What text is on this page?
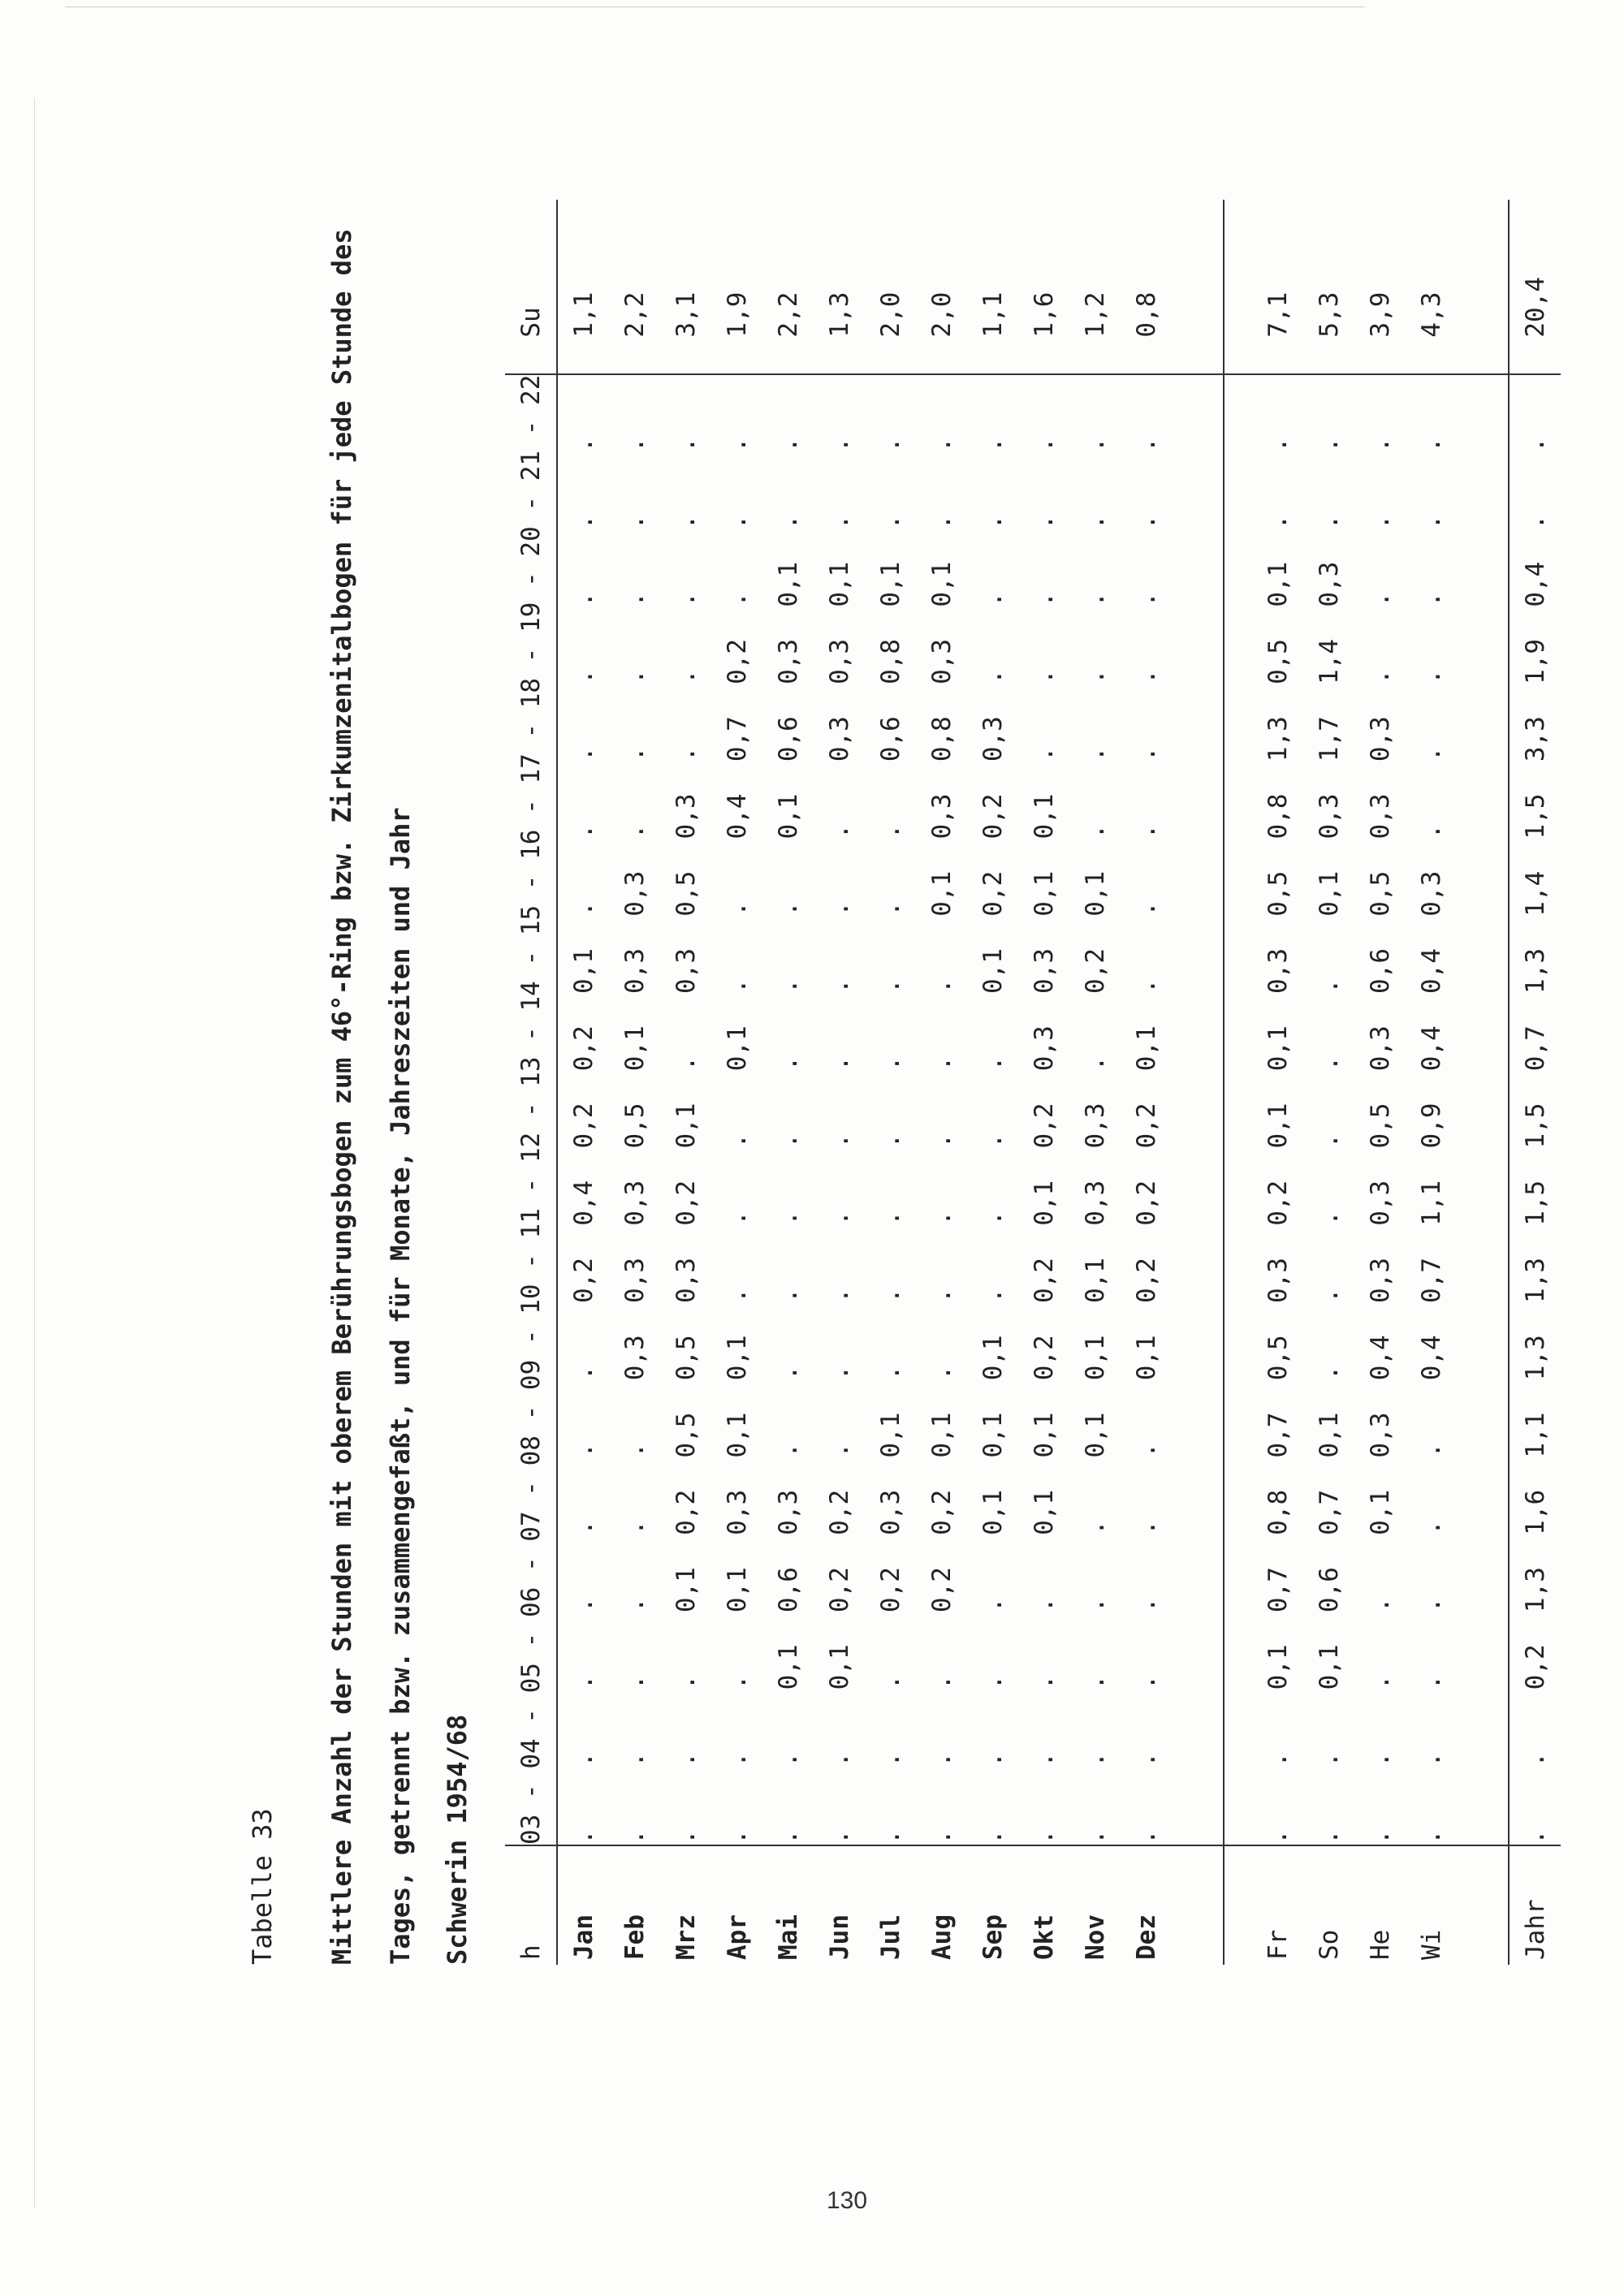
Tabelle 33 Mittlere Anzahl der Stunden mit oberem Berührungsbogen zum 46°-Ring bzw. Zirkumzenitalbogen für jede Stunde des Tages, getrennt bzw. zusammengefaßt, und für Monate, Jahreszeiten und Jahr Schwerin 1954/68 h	03 - 04 - 05 - 06 - 07 - 08 - 09 - 10 - 11 - 12 - 13 - 14 - 15 - 16 - 17 - 18 - 19 - 20 - 21 - 22																			Su
Jan	.	.	.	.	.	.	.	0,2	0,4	0,2	0,2	0,1	.	.	.	.	.	.	.	1,1
Feb	.	.	.	.	.	.	0,3	0,3	0,3	0,5	0,1	0,3	0,3	.	.	.	.	.	.	2,2
Mrz	.	.	.	0,1	0,2	0,5	0,5	0,3	0,2	0,1	.	0,3	0,5	0,3	.	.	.	.	.	3,1
Apr	.	.	.	0,1	0,3	0,1	0,1	.	.	.	0,1	.	.	0,4	0,7	0,2	.	.	.	1,9
Mai	.	.	0,1	0,6	0,3	.	.	.	.	.	.	.	.	0,1	0,6	0,3	0,1	.	.	2,2
Jun	.	.	0,1	0,2	0,2	.	.	.	.	.	.	.	.	.	0,3	0,3	0,1	.	.	1,3
Jul	.	.	.	0,2	0,3	0,1	.	.	.	.	.	.	.	.	0,6	0,8	0,1	.	.	2,0
Aug	.	.	.	0,2	0,2	0,1	.	.	.	.	.	.	0,1	0,3	0,8	0,3	0,1	.	.	2,0
Sep	.	.	.	.	0,1	0,1	0,1	.	.	.	.	0,1	0,2	0,2	0,3	.	.	.	.	1,1
Okt	.	.	.	.	0,1	0,1	0,2	0,2	0,1	0,2	0,3	0,3	0,1	0,1	.	.	.	.	.	1,6
Nov	.	.	.	.	.	0,1	0,1	0,1	0,3	0,3	.	0,2	0,1	.	.	.	.	.	.	1,2
Dez	.	.	.	.	.	.	0,1	0,2	0,2	0,2	0,1	.	.	.	.	.	.	.	.	0,8

Fr	.	.	0,1	0,7	0,8	0,7	0,5	0,3	0,2	0,1	0,1	0,3	0,5	0,8	1,3	0,5	0,1	.	.	7,1
So	.	.	0,1	0,6	0,7	0,1	.	.	.	.	.	.	0,1	0,3	1,7	1,4	0,3	.	.	5,3
He	.	.	.	.	0,1	0,3	0,4	0,3	0,3	0,5	0,3	0,6	0,5	0,3	0,3	.	.	.	.	3,9
Wi	.	.	.	.	.	.	0,4	0,7	1,1	0,9	0,4	0,4	0,3	.	.	.	.	.	.	4,3

Jahr	.	.	0,2	1,3	1,6	1,1	1,3	1,3	1,5	1,5	0,7	1,3	1,4	1,5	3,3	1,9	0,4	.	.	20,4
130
